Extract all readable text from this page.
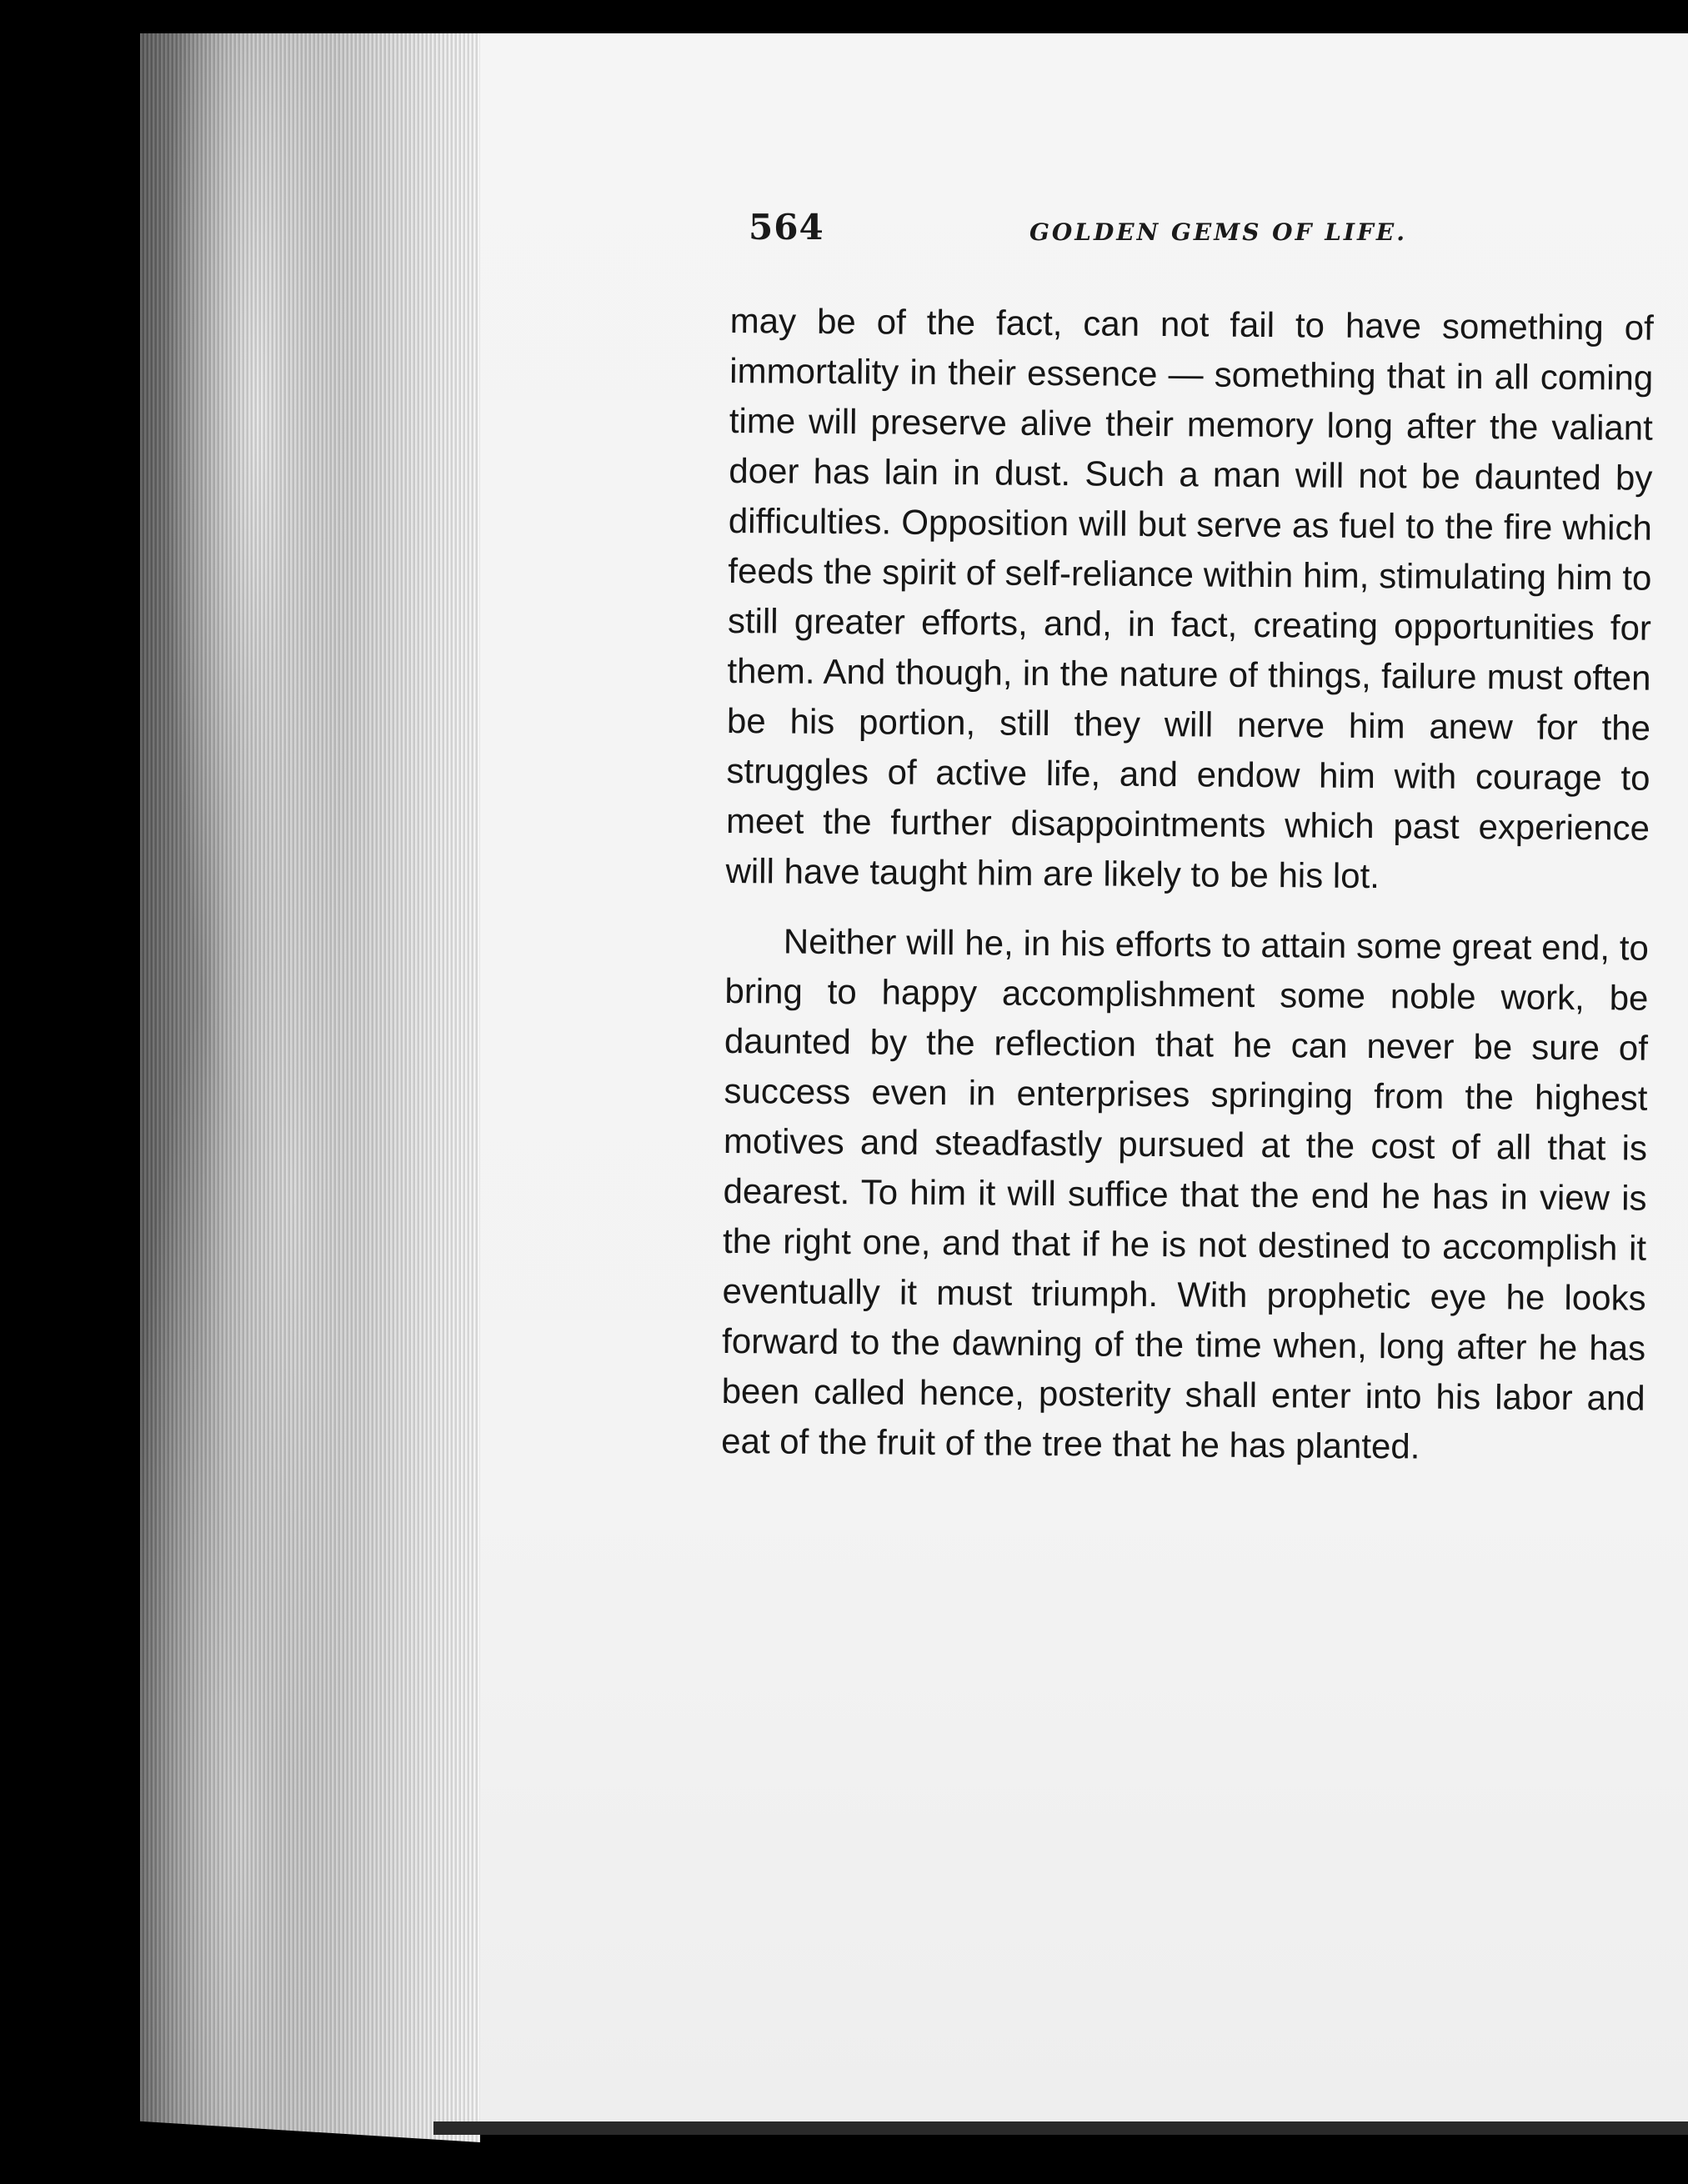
564	GOLDEN GEMS OF LIFE.

may be of the fact, can not fail to have something of immortality in their essence — something that in all coming time will preserve alive their memory long after the valiant doer has lain in dust. Such a man will not be daunted by difficulties. Opposition will but serve as fuel to the fire which feeds the spirit of self-reliance within him, stimulating him to still greater efforts, and, in fact, creating opportunities for them. And though, in the nature of things, failure must often be his portion, still they will nerve him anew for the struggles of active life, and endow him with courage to meet the further disappointments which past experience will have taught him are likely to be his lot.

Neither will he, in his efforts to attain some great end, to bring to happy accomplishment some noble work, be daunted by the reflection that he can never be sure of success even in enterprises springing from the highest motives and steadfastly pursued at the cost of all that is dearest. To him it will suffice that the end he has in view is the right one, and that if he is not destined to accomplish it eventually it must triumph. With prophetic eye he looks forward to the dawning of the time when, long after he has been called hence, posterity shall enter into his labor and eat of the fruit of the tree that he has planted.
